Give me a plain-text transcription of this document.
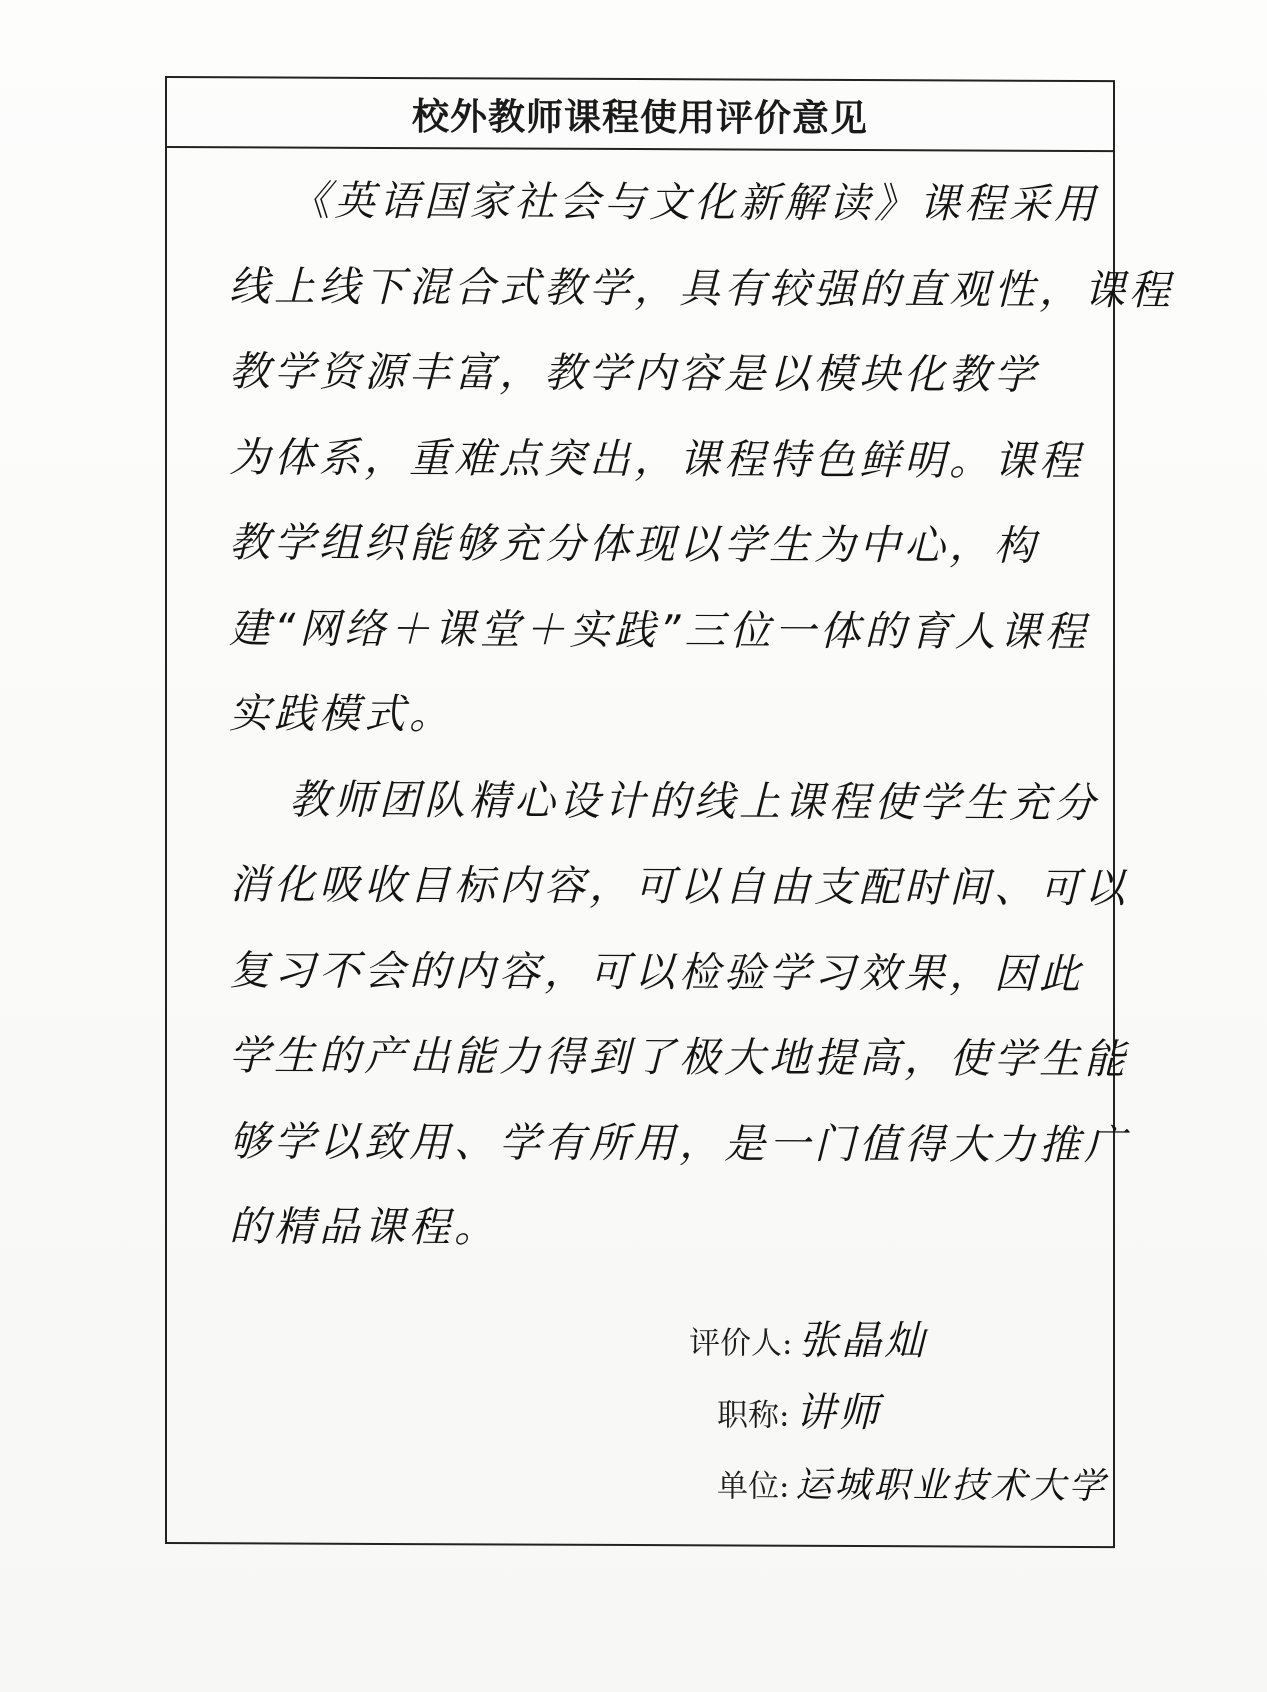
校外教师课程使用评价意见

《英语国家社会与文化新解读》课程采用
线上线下混合式教学，具有较强的直观性，课程
教学资源丰富，教学内容是以模块化教学
为体系，重难点突出，课程特色鲜明。课程
教学组织能够充分体现以学生为中心，构
建“网络＋课堂＋实践”三位一体的育人课程
实践模式。

教师团队精心设计的线上课程使学生充分
消化吸收目标内容，可以自由支配时间、可以
复习不会的内容，可以检验学习效果，因此
学生的产出能力得到了极大地提高，使学生能
够学以致用、学有所用，是一门值得大力推广
的精品课程。

评价人: 张晶灿
职称: 讲师
单位: 运城职业技术大学
